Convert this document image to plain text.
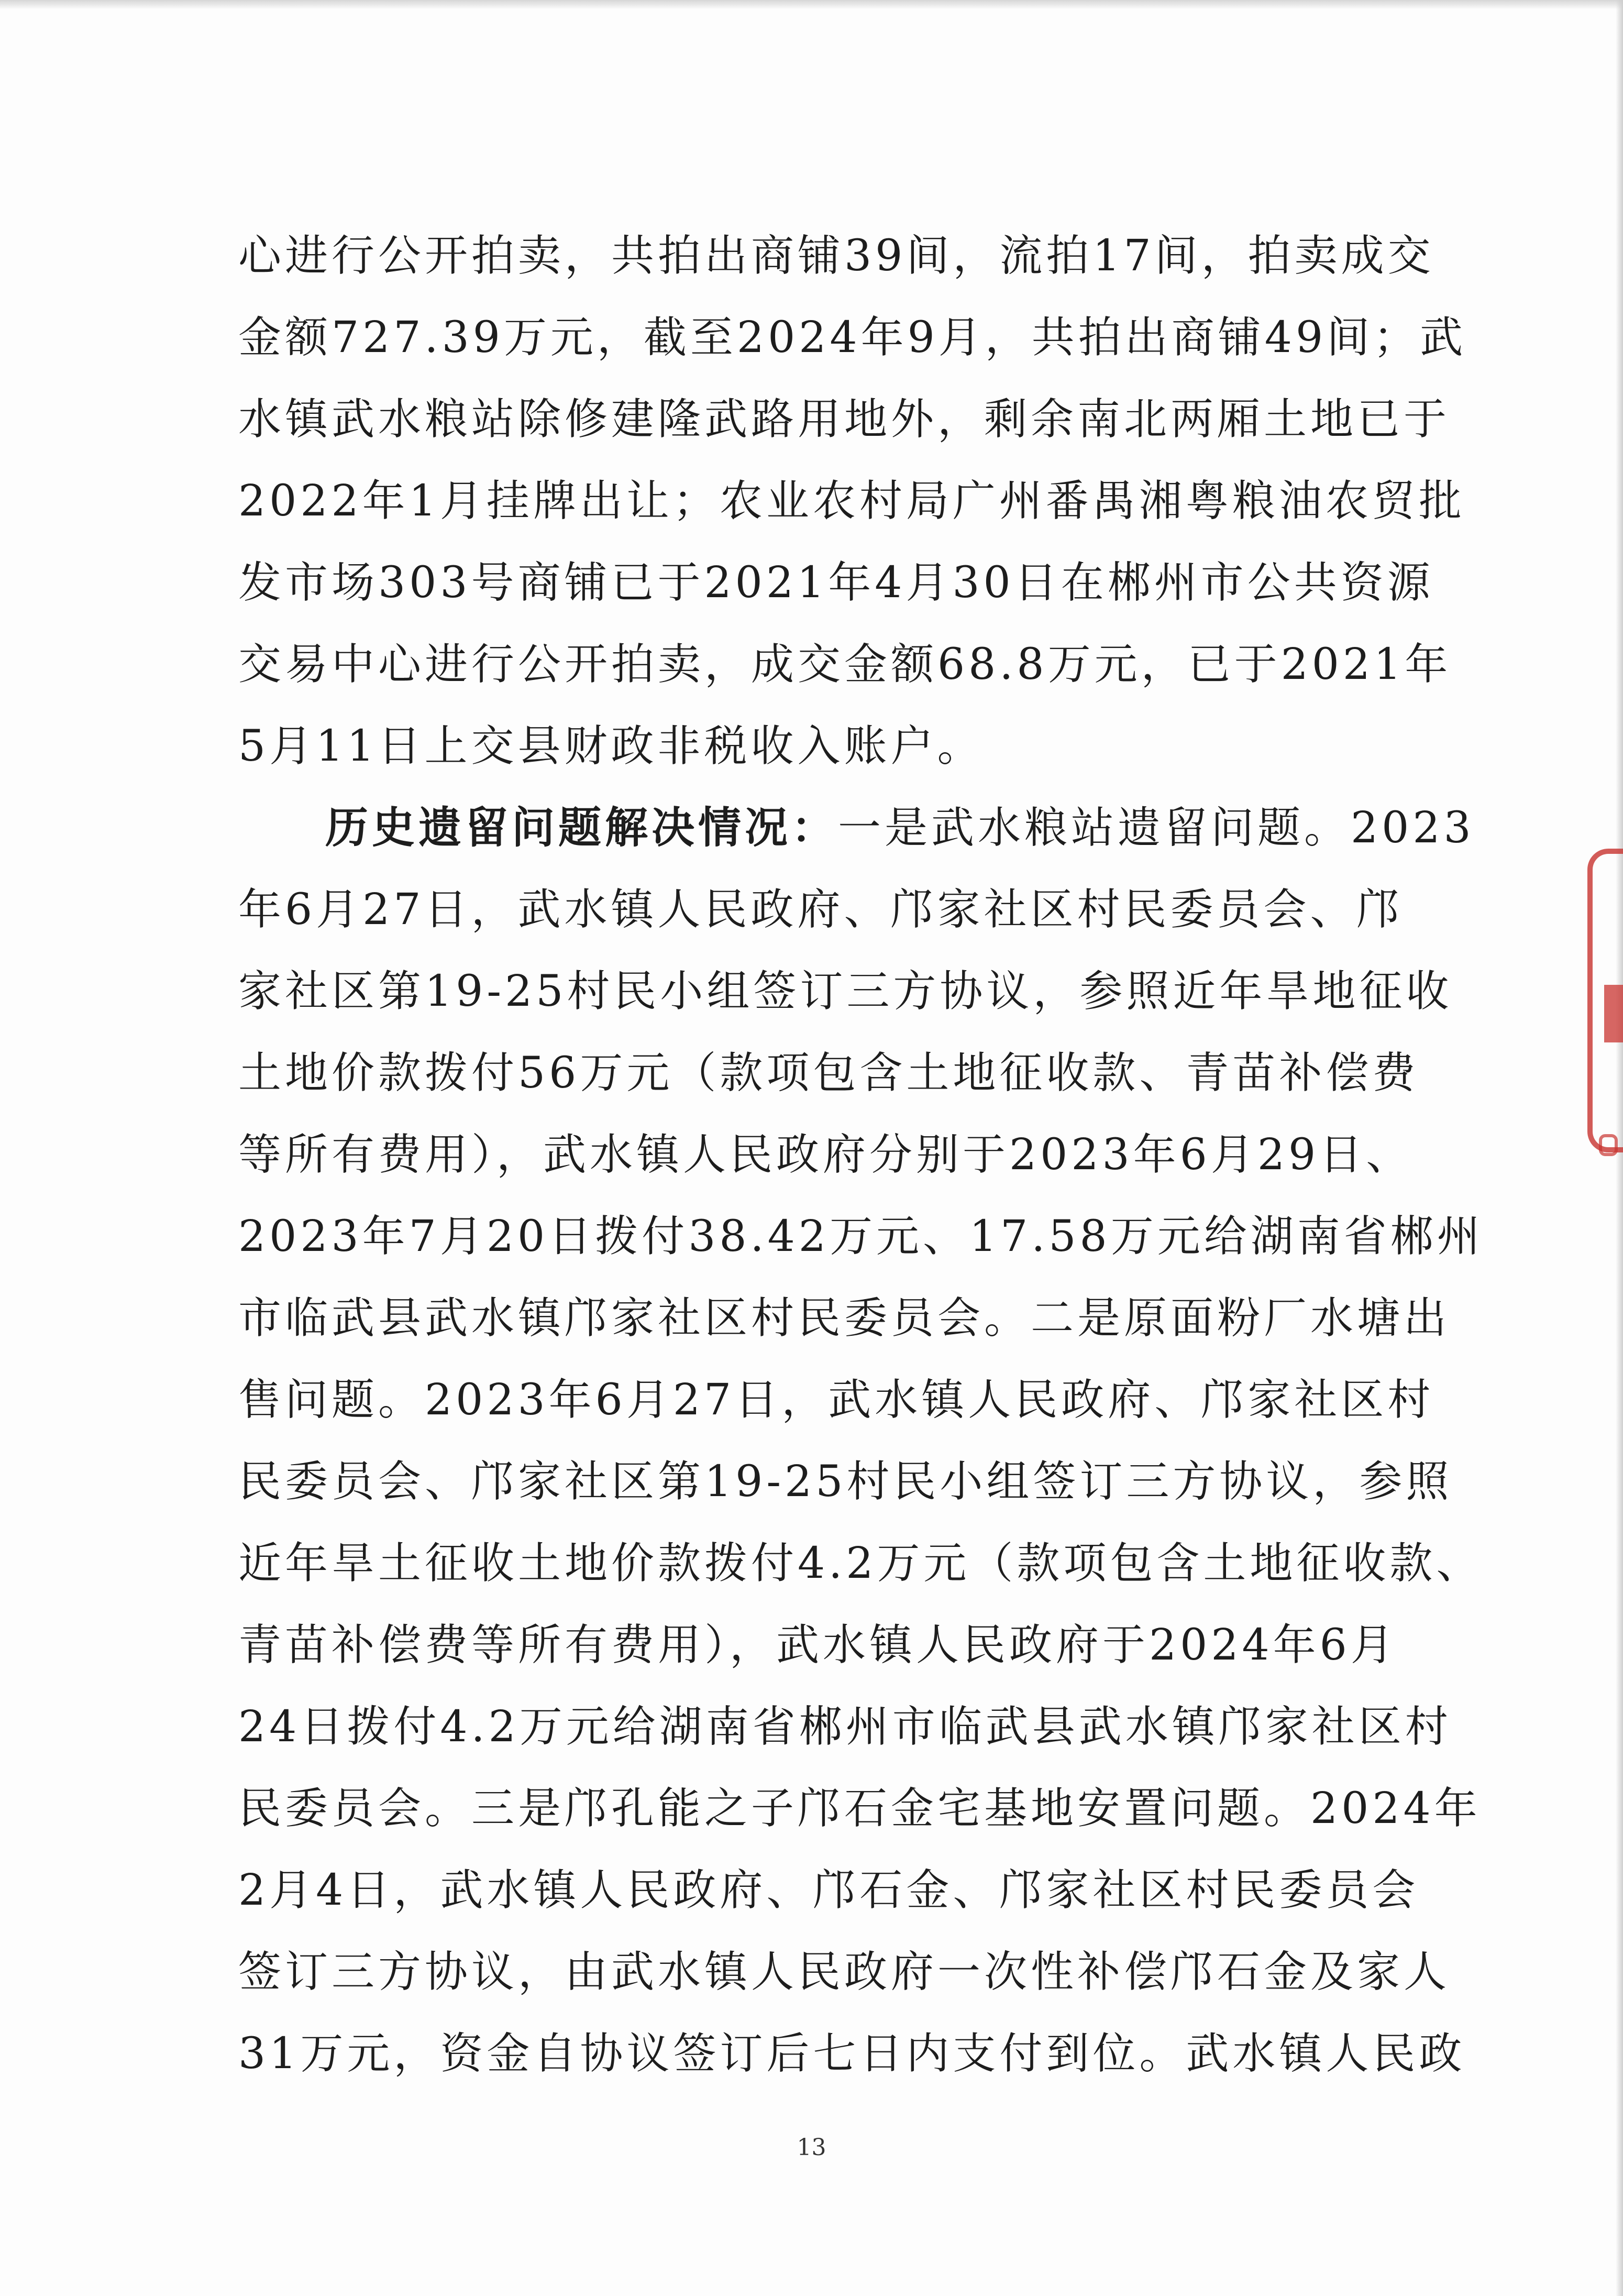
心进行公开拍卖，共拍出商铺39间，流拍17间，拍卖成交
金额727.39万元，截至2024年9月，共拍出商铺49间；武
水镇武水粮站除修建隆武路用地外，剩余南北两厢土地已于
2022年1月挂牌出让；农业农村局广州番禺湘粤粮油农贸批
发市场303号商铺已于2021年4月30日在郴州市公共资源
交易中心进行公开拍卖，成交金额68.8万元，已于2021年
5月11日上交县财政非税收入账户。
历史遗留问题解决情况：一是武水粮站遗留问题。2023
年6月27日，武水镇人民政府、邝家社区村民委员会、邝
家社区第19-25村民小组签订三方协议，参照近年旱地征收
土地价款拨付56万元（款项包含土地征收款、青苗补偿费
等所有费用），武水镇人民政府分别于2023年6月29日、
2023年7月20日拨付38.42万元、17.58万元给湖南省郴州
市临武县武水镇邝家社区村民委员会。二是原面粉厂水塘出
售问题。2023年6月27日，武水镇人民政府、邝家社区村
民委员会、邝家社区第19-25村民小组签订三方协议，参照
近年旱土征收土地价款拨付4.2万元（款项包含土地征收款、
青苗补偿费等所有费用），武水镇人民政府于2024年6月
24日拨付4.2万元给湖南省郴州市临武县武水镇邝家社区村
民委员会。三是邝孔能之子邝石金宅基地安置问题。2024年
2月4日，武水镇人民政府、邝石金、邝家社区村民委员会
签订三方协议，由武水镇人民政府一次性补偿邝石金及家人
31万元，资金自协议签订后七日内支付到位。武水镇人民政
13
